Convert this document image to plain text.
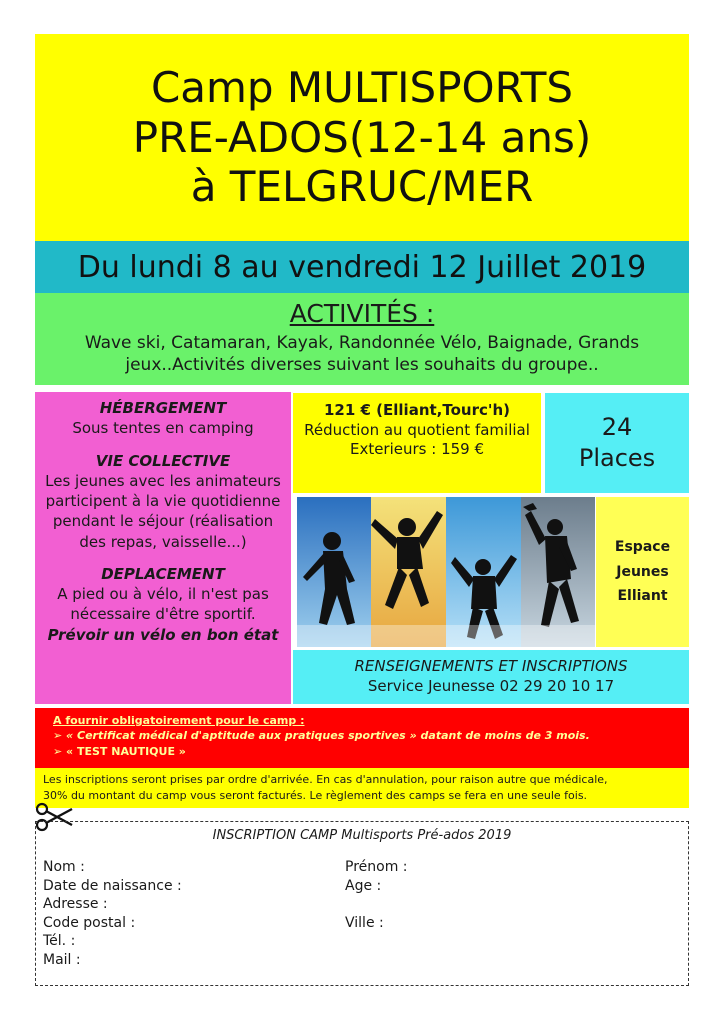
Camp MULTISPORTS
PRE-ADOS(12-14 ans)
à TELGRUC/MER
Du lundi 8 au vendredi 12 Juillet 2019
ACTIVITÉS :
Wave ski, Catamaran, Kayak, Randonnée Vélo, Baignade, Grands jeux..Activités diverses suivant les souhaits du groupe..
HÉBERGEMENT
Sous tentes en camping
VIE COLLECTIVE
Les jeunes avec les animateurs participent à la vie quotidienne pendant le séjour (réalisation des repas, vaisselle...)
DEPLACEMENT
A pied ou à vélo, il n'est pas nécessaire d'être sportif.
Prévoir un vélo en bon état
121 € (Elliant,Tourc'h)
Réduction au quotient familial
Exterieurs : 159 €
24
Places
Espace
Jeunes
Elliant
RENSEIGNEMENTS ET INSCRIPTIONS
Service Jeunesse 02 29 20 10 17
A fournir obligatoirement pour le camp :
➢ « Certificat médical d'aptitude aux pratiques sportives » datant de moins de 3 mois.
➢ « TEST NAUTIQUE »
Les inscriptions seront prises par ordre d'arrivée. En cas d'annulation, pour raison autre que médicale,
30% du montant du camp vous seront facturés. Le règlement des camps se fera en une seule fois.
INSCRIPTION CAMP Multisports Pré-ados 2019
Nom :	Prénom :
Date de naissance :	Age :
Adresse :
Code postal :	Ville :
Tél. :
Mail :
